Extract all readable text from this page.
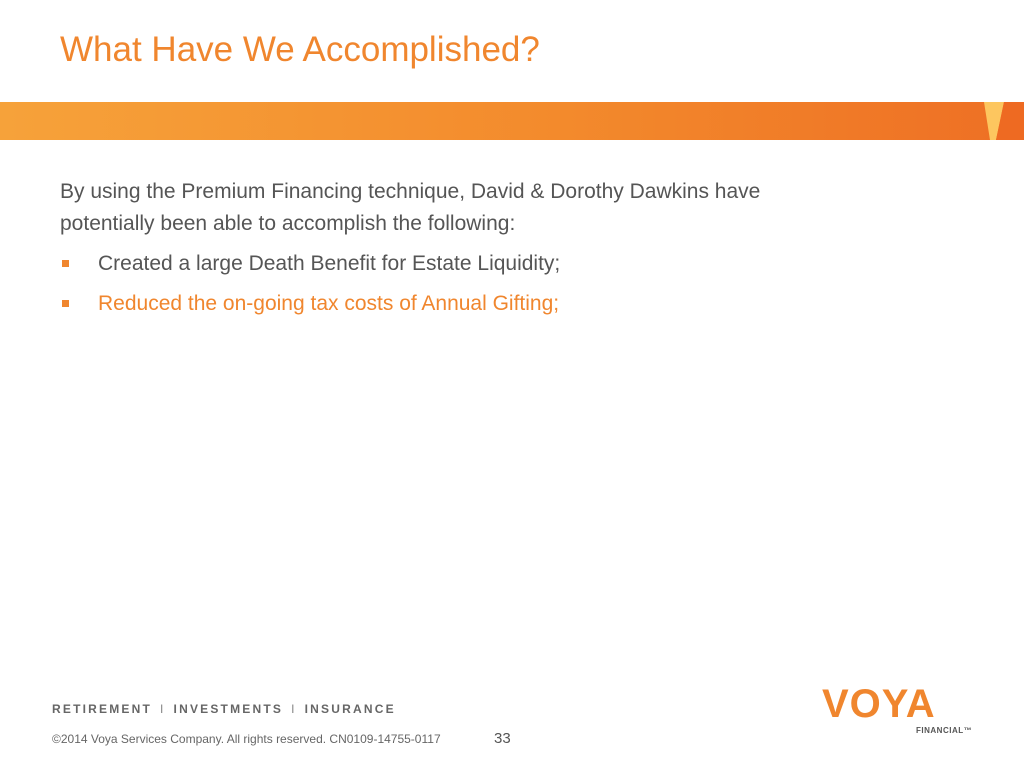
What Have We Accomplished?

By using the Premium Financing technique, David & Dorothy Dawkins have potentially been able to accomplish the following:

Created a large Death Benefit for Estate Liquidity;
Reduced the on-going tax costs of Annual Gifting;
RETIREMENT I INVESTMENTS I INSURANCE
©2014 Voya Services Company. All rights reserved. CN0109-14755-0117	33
VOYA
FINANCIAL™
